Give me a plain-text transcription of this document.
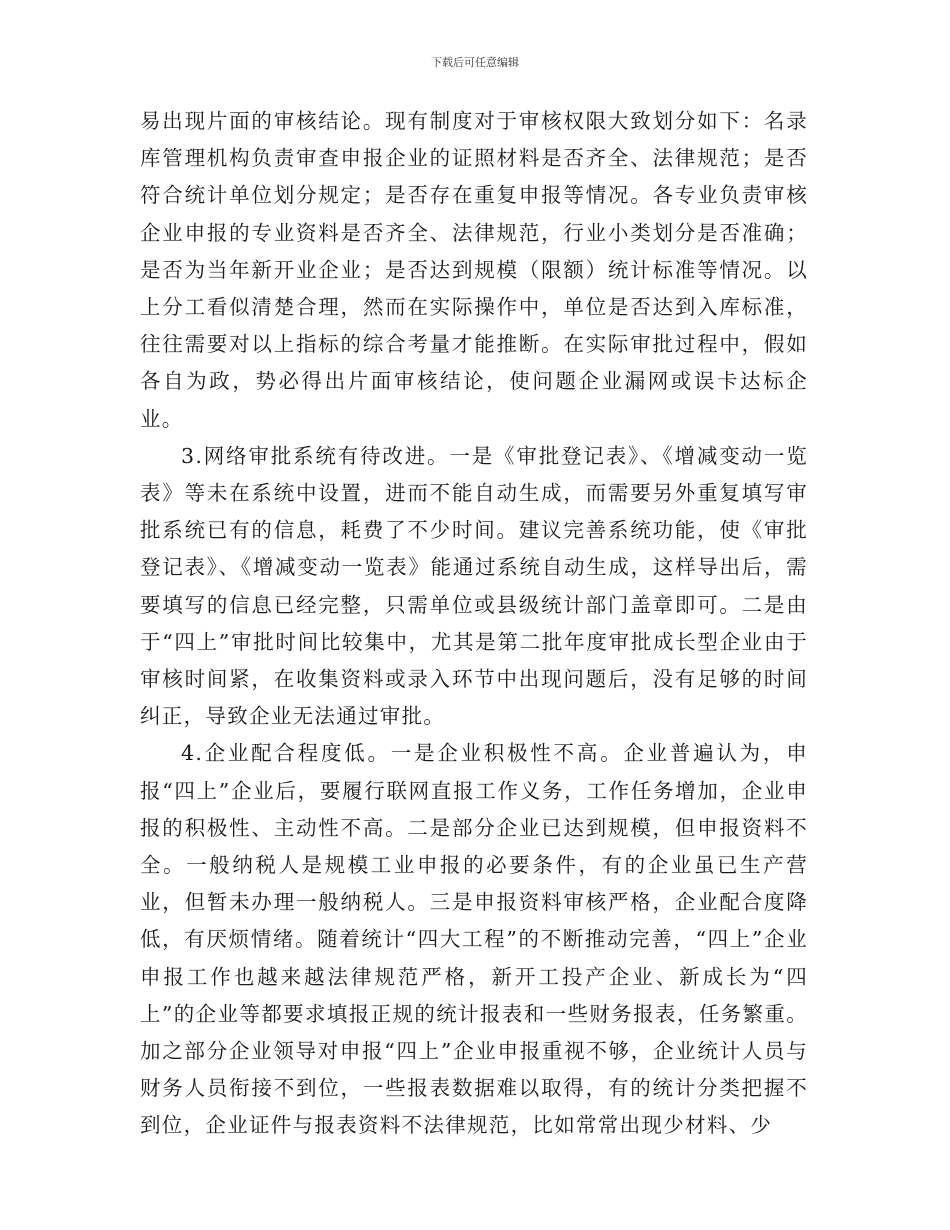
下载后可任意编辑

易出现片面的审核结论。现有制度对于审核权限大致划分如下：名录库管理机构负责审查申报企业的证照材料是否齐全、法律规范；是否符合统计单位划分规定；是否存在重复申报等情况。各专业负责审核企业申报的专业资料是否齐全、法律规范，行业小类划分是否准确；是否为当年新开业企业；是否达到规模（限额）统计标准等情况。以上分工看似清楚合理，然而在实际操作中，单位是否达到入库标准，往往需要对以上指标的综合考量才能推断。在实际审批过程中，假如各自为政，势必得出片面审核结论，使问题企业漏网或误卡达标企业。

3.网络审批系统有待改进。一是《审批登记表》、《增减变动一览表》等未在系统中设置，进而不能自动生成，而需要另外重复填写审批系统已有的信息，耗费了不少时间。建议完善系统功能，使《审批登记表》、《增减变动一览表》能通过系统自动生成，这样导出后，需要填写的信息已经完整，只需单位或县级统计部门盖章即可。二是由于“四上”审批时间比较集中，尤其是第二批年度审批成长型企业由于审核时间紧，在收集资料或录入环节中出现问题后，没有足够的时间纠正，导致企业无法通过审批。

4.企业配合程度低。一是企业积极性不高。企业普遍认为，申报“四上”企业后，要履行联网直报工作义务，工作任务增加，企业申报的积极性、主动性不高。二是部分企业已达到规模，但申报资料不全。一般纳税人是规模工业申报的必要条件，有的企业虽已生产营业，但暂未办理一般纳税人。三是申报资料审核严格，企业配合度降低，有厌烦情绪。随着统计“四大工程”的不断推动完善，“四上”企业申报工作也越来越法律规范严格，新开工投产企业、新成长为“四上”的企业等都要求填报正规的统计报表和一些财务报表，任务繁重。加之部分企业领导对申报“四上”企业申报重视不够，企业统计人员与财务人员衔接不到位，一些报表数据难以取得，有的统计分类把握不到位，企业证件与报表资料不法律规范，比如常常出现少材料、少
